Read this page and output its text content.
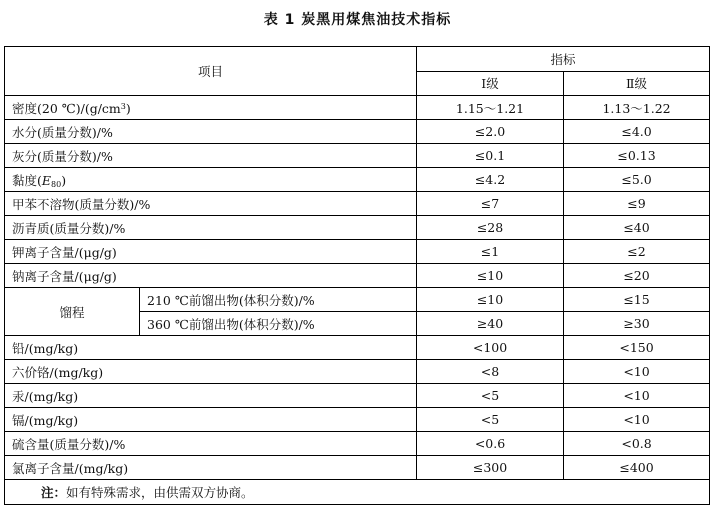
表 1 炭黑用煤焦油技术指标
项目		指标	
		Ⅰ级	Ⅱ级
密度(20 $℃)/(g/cm^3)$		1.15～1.21	1.13～1.22
水分(质量分数)/%		≤2.0	≤4.0
灰分(质量分数)/%		≤0.1	≤0.13
黏度$(E_{80})$		≤4.2	≤5.0
甲苯不溶物(质量分数)/%		≤7	≤9
沥青质(质量分数)/%		≤28	≤40
钾离子含量/(μg/g)		≤1	≤2
钠离子含量/(μg/g)		≤10	≤20
馏程	210 ℃前馏出物(体积分数)/%	≤10	≤15
	360 ℃前馏出物(体积分数)/%	≥40	≥30
铅/(mg/kg)		<100	<150
六价铬/(mg/kg)		<8	<10
汞/(mg/kg)		<5	<10
镉/(mg/kg)		<5	<10
硫含量(质量分数)/%		<0.6	<0.8
氯离子含量/(mg/kg)		≤300	≤400
注：如有特殊需求，由供需双方协商。			
